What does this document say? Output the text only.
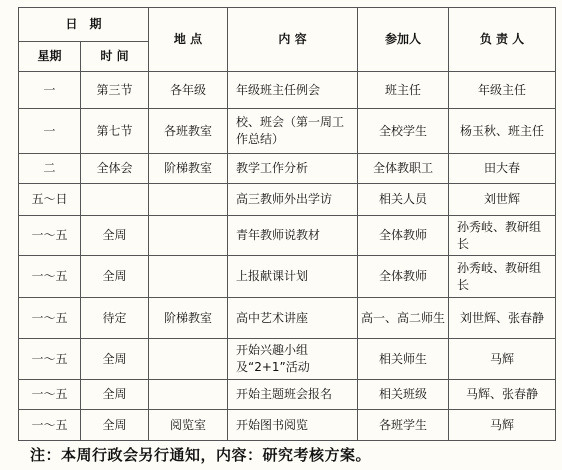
日　期		地 点	内 容	参加人	负 责 人
星期	时 间				
一	第三节	各年级	年级班主任例会	班主任	年级主任
一	第七节	各班教室	校、班会（第一周工作总结）	全校学生	杨玉秋、班主任
二	全体会	阶梯教室	教学工作分析	全体教职工	田大春
五～日			高三教师外出学访	相关人员	刘世辉
一～五	全周		青年教师说教材	全体教师	孙秀岐、教研组长
一～五	全周		上报献课计划	全体教师	孙秀岐、教研组长
一～五	待定	阶梯教室	高中艺术讲座	高一、高二师生	刘世辉、张春静
一～五	全周		开始兴趣小组及“2+1”活动	相关师生	马辉
一～五	全周		开始主题班会报名	相关班级	马辉、张春静
一～五	全周	阅览室	开始图书阅览	各班学生	马辉
注：本周行政会另行通知，内容：研究考核方案。
